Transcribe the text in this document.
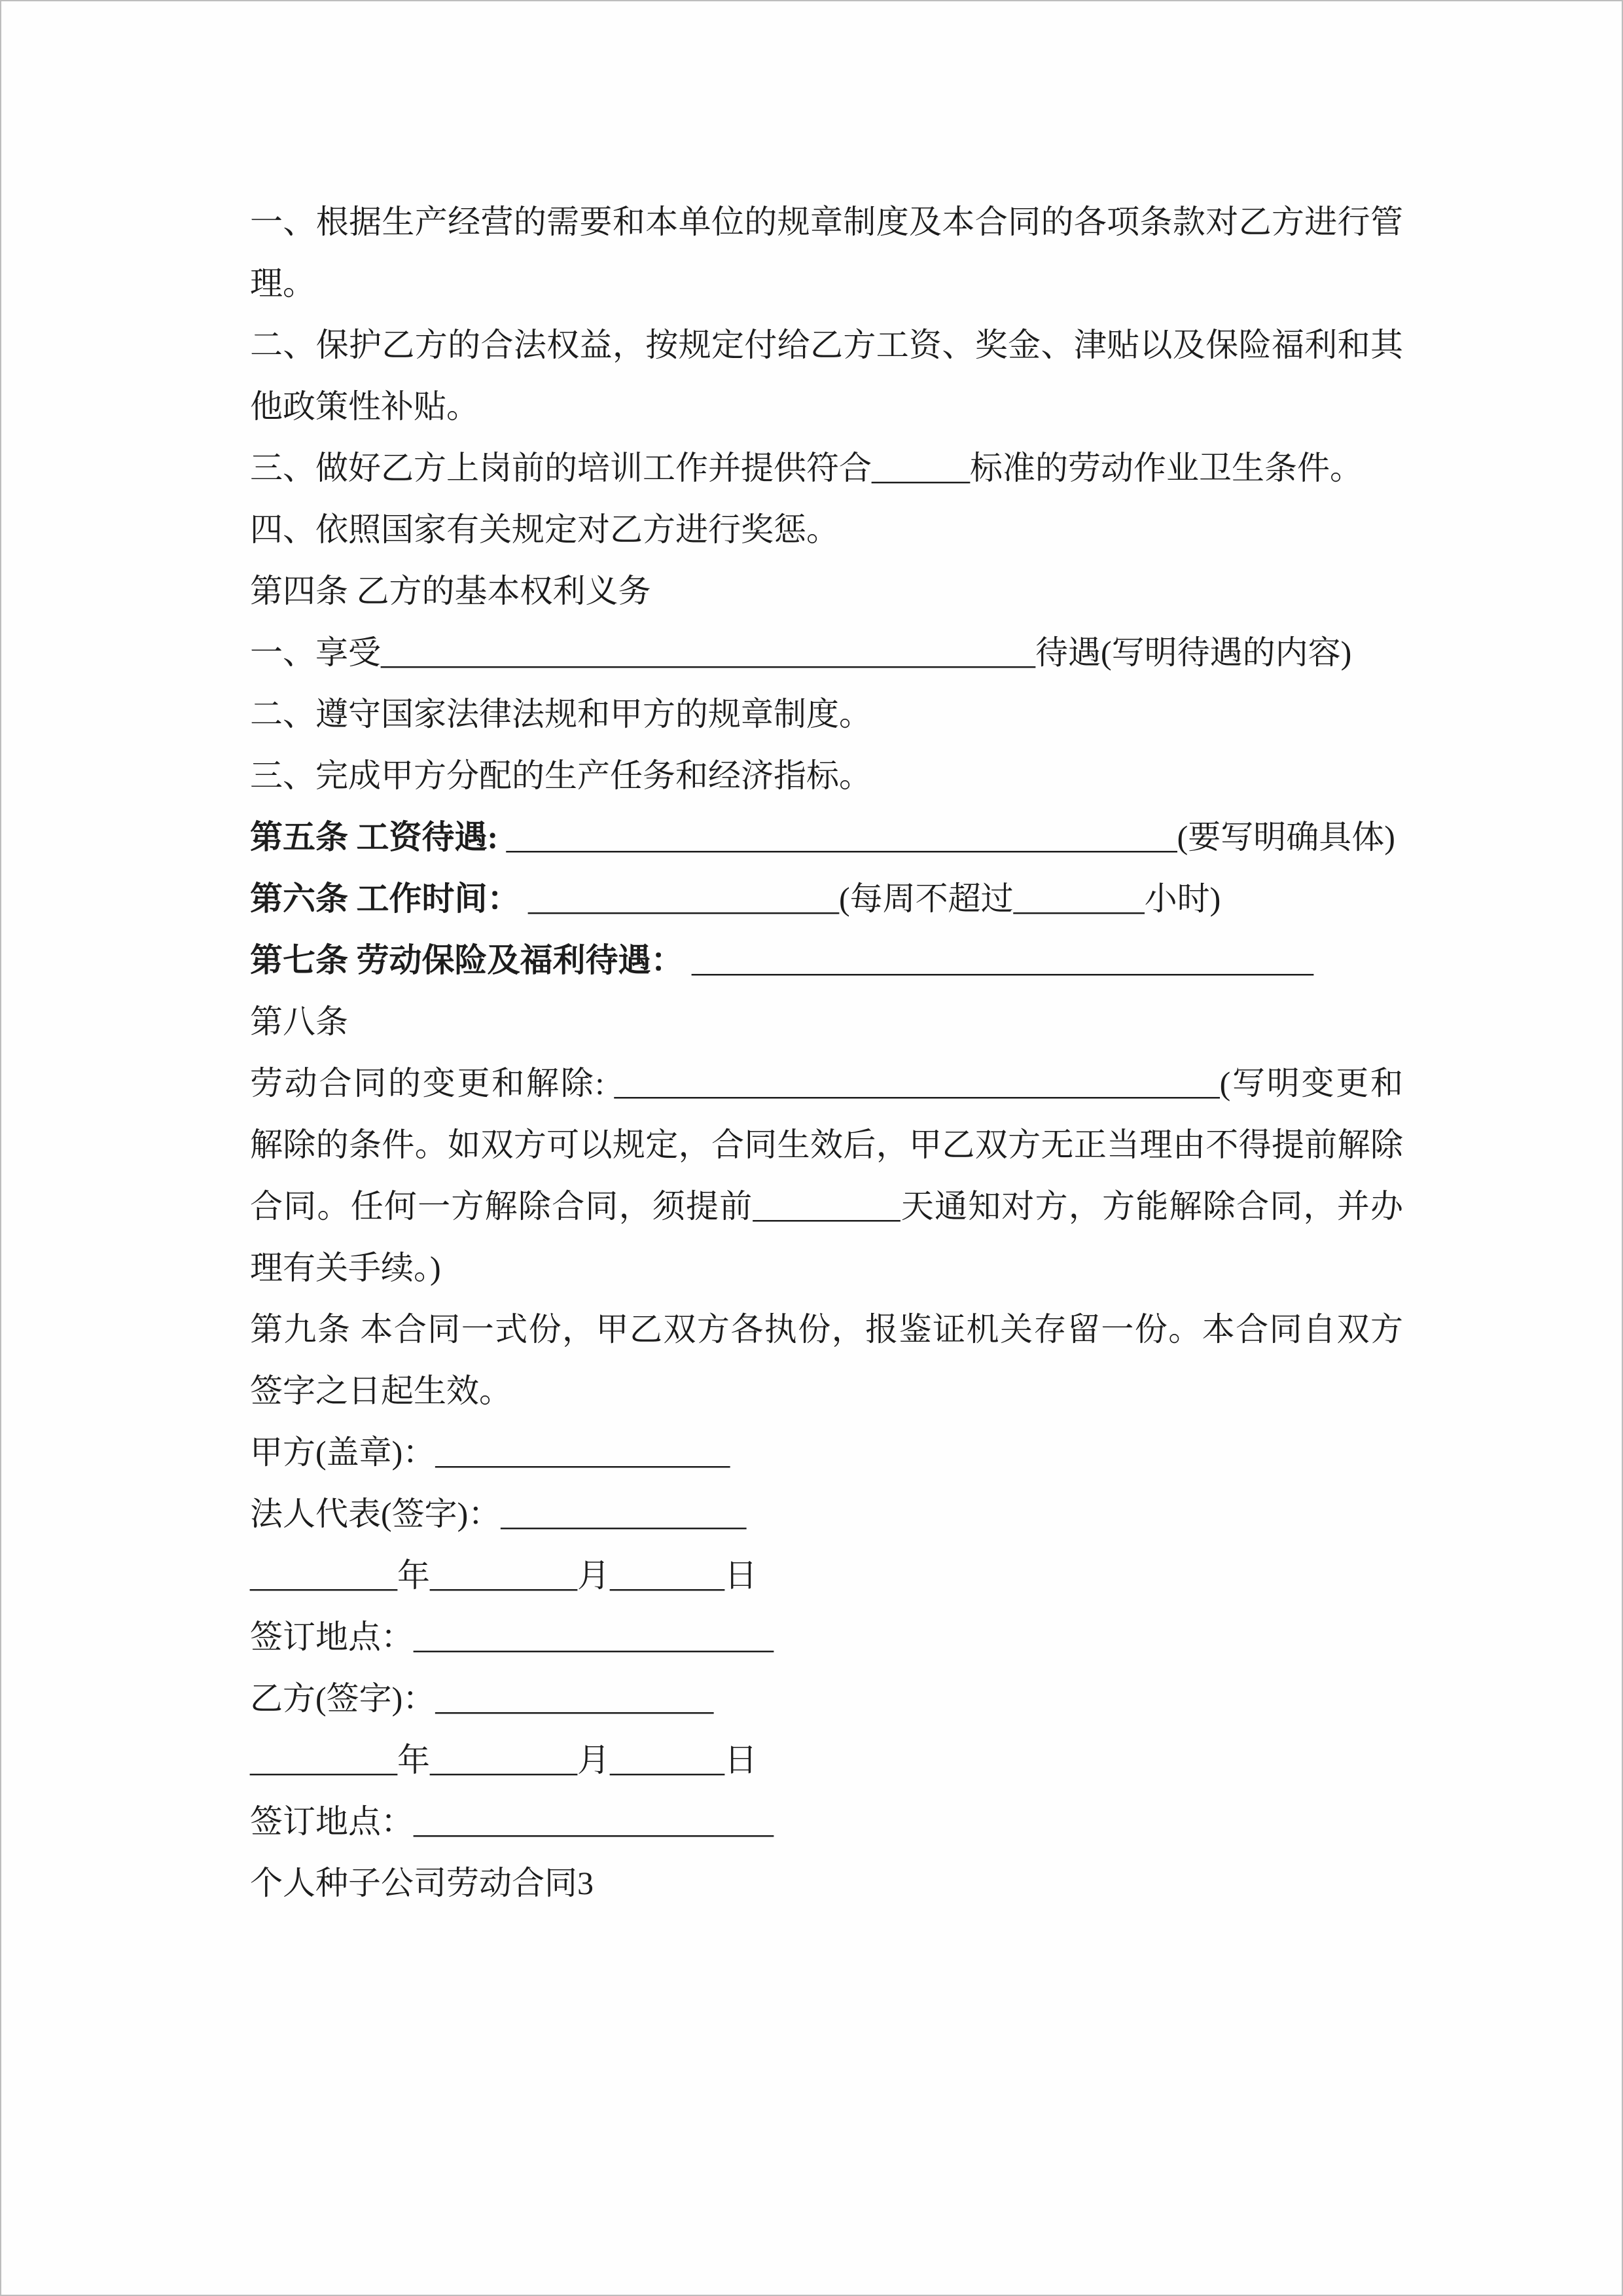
一、根据生产经营的需要和本单位的规章制度及本合同的各项条款对乙方进行管理。

二、保护乙方的合法权益，按规定付给乙方工资、奖金、津贴以及保险福利和其他政策性补贴。

三、做好乙方上岗前的培训工作并提供符合______标准的劳动作业卫生条件。

四、依照国家有关规定对乙方进行奖惩。

第四条 乙方的基本权利义务

一、享受________________________________________待遇(写明待遇的内容)

二、遵守国家法律法规和甲方的规章制度。

三、完成甲方分配的生产任务和经济指标。

第五条 工资待遇: _________________________________________(要写明确具体)

第六条 工作时间： ___________________(每周不超过________小时)

第七条 劳动保险及福利待遇： ______________________________________

第八条

劳动合同的变更和解除: _____________________________________(写明变更和解除的条件。如双方可以规定，合同生效后，甲乙双方无正当理由不得提前解除合同。任何一方解除合同，须提前_________天通知对方，方能解除合同，并办理有关手续。)

第九条 本合同一式份，甲乙双方各执份，报鉴证机关存留一份。本合同自双方签字之日起生效。

甲方(盖章)：__________________

法人代表(签字)：_______________

_________年_________月_______日

签订地点：______________________

乙方(签字)：_________________

_________年_________月_______日

签订地点：______________________

个人种子公司劳动合同3
